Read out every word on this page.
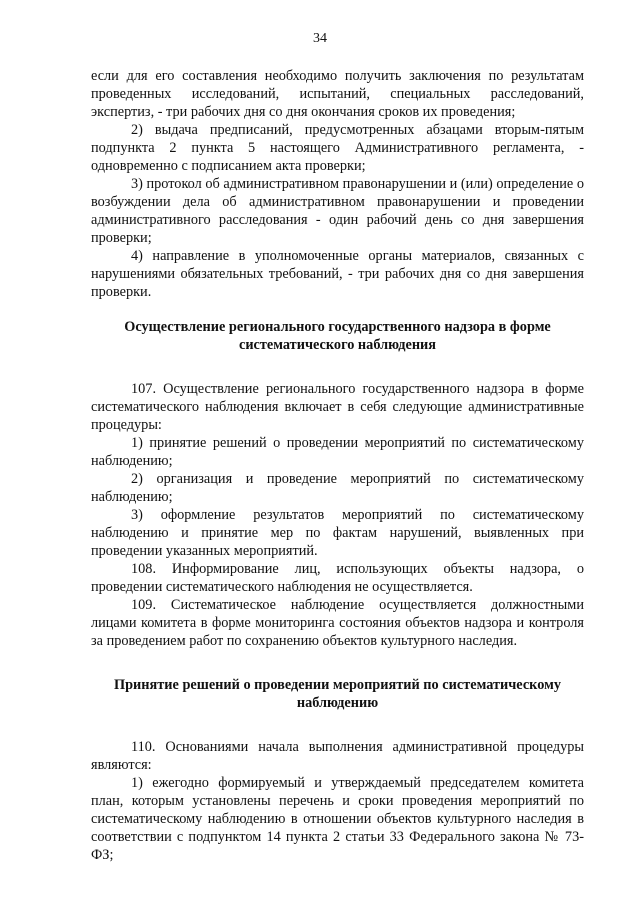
34

если для его составления необходимо получить заключения по результатам проведенных исследований, испытаний, специальных расследований, экспертиз, - три рабочих дня со дня окончания сроков их проведения;

2) выдача предписаний, предусмотренных абзацами вторым-пятым подпункта 2 пункта 5 настоящего Административного регламента, - одновременно с подписанием акта проверки;

3) протокол об административном правонарушении и (или) определение о возбуждении дела об административном правонарушении и проведении административного расследования - один рабочий день со дня завершения проверки;

4) направление в уполномоченные органы материалов, связанных с нарушениями обязательных требований, - три рабочих дня со дня завершения проверки.

Осуществление регионального государственного надзора в форме систематического наблюдения

107. Осуществление регионального государственного надзора в форме систематического наблюдения включает в себя следующие административные процедуры:

1) принятие решений о проведении мероприятий по систематическому наблюдению;

2) организация и проведение мероприятий по систематическому наблюдению;

3) оформление результатов мероприятий по систематическому наблюдению и принятие мер по фактам нарушений, выявленных при проведении указанных мероприятий.

108. Информирование лиц, использующих объекты надзора, о проведении систематического наблюдения не осуществляется.

109. Систематическое наблюдение осуществляется должностными лицами комитета в форме мониторинга состояния объектов надзора и контроля за проведением работ по сохранению объектов культурного наследия.

Принятие решений о проведении мероприятий по систематическому наблюдению

110. Основаниями начала выполнения административной процедуры являются:

1) ежегодно формируемый и утверждаемый председателем комитета план, которым установлены перечень и сроки проведения мероприятий по систематическому наблюдению в отношении объектов культурного наследия в соответствии с подпунктом 14 пункта 2 статьи 33 Федерального закона № 73-ФЗ;
